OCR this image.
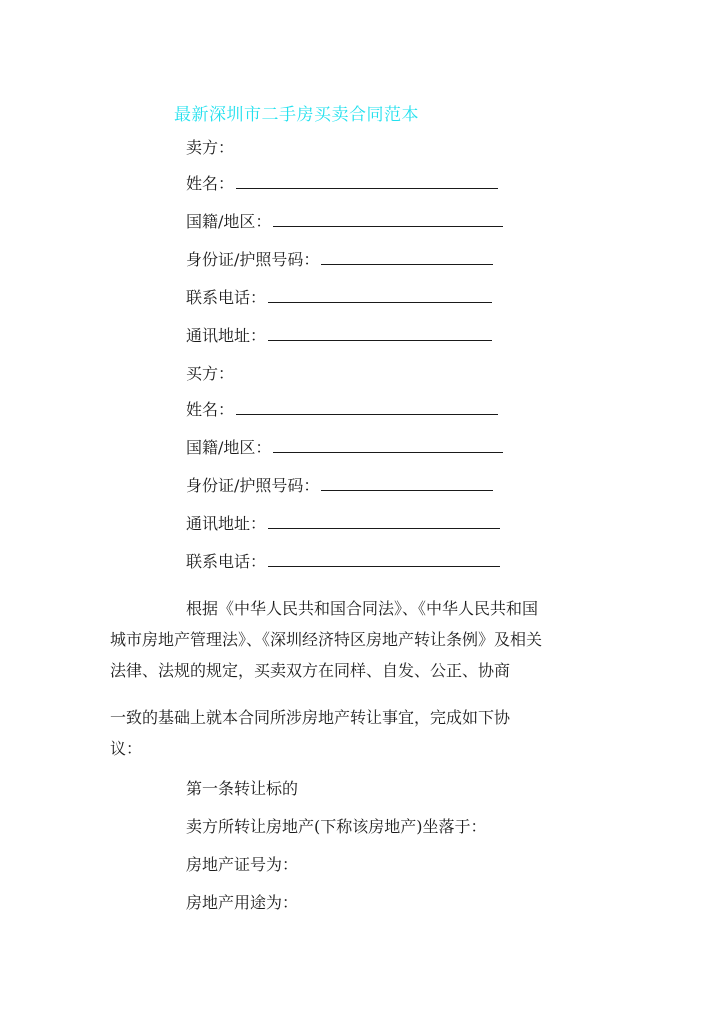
最新深圳市二手房买卖合同范本
卖方：
姓名：
国籍/地区：
身份证/护照号码：
联系电话：
通讯地址：
买方：
姓名：
国籍/地区：
身份证/护照号码：
通讯地址：
联系电话：
根据《中华人民共和国合同法》、《中华人民共和国
城市房地产管理法》、《深圳经济特区房地产转让条例》及相关
法律、法规的规定，买卖双方在同样、自发、公正、协商
一致的基础上就本合同所涉房地产转让事宜，完成如下协
议：
第一条转让标的
卖方所转让房地产(下称该房地产)坐落于：
房地产证号为：
房地产用途为：
